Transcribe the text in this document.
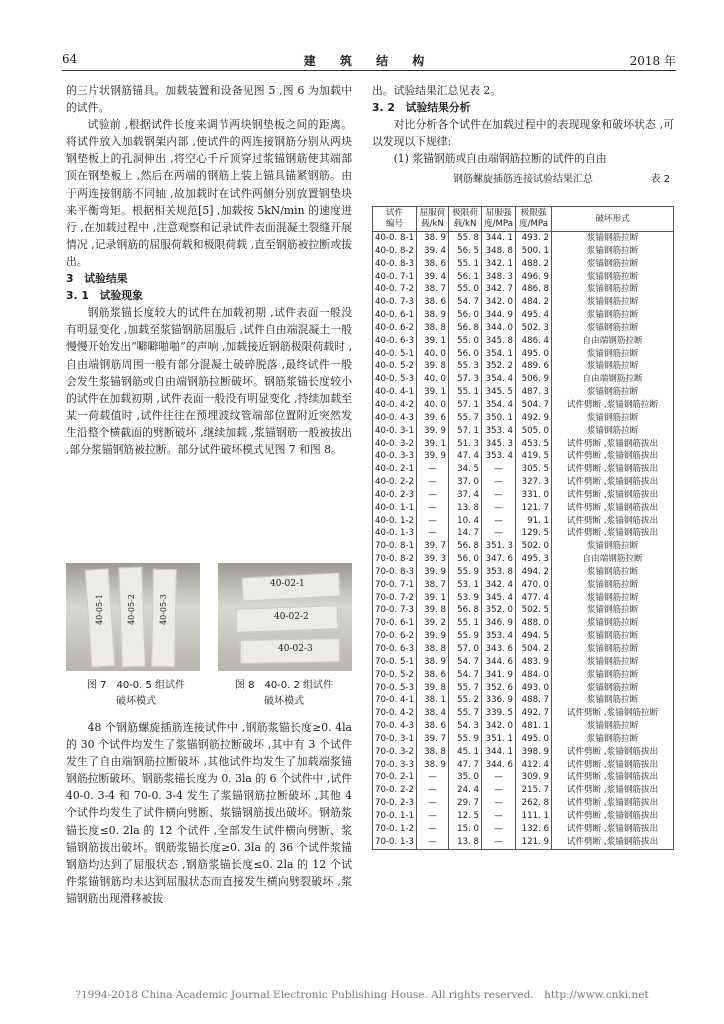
64	建 筑 结 构	2018 年

的三片状钢筋锚具。加载装置和设备见图 5 ,图 6 为加载中的试件。

试验前 ,根据试件长度来调节两块钢垫板之间的距离。将试件放入加载钢架内部 ,使试件的两连接钢筋分别从两块钢垫板上的孔洞伸出 ,将空心千斤顶穿过浆锚钢筋使其端部顶在钢垫板上 ,然后在两端的钢筋上装上锚具锚紧钢筋。由于两连接钢筋不同轴 ,故加载时在试件两侧分别放置钢垫块来平衡弯矩。根据相关规范[5] ,加载按 5kN/min 的速度进行 ,在加载过程中 ,注意观察和记录试件表面混凝土裂缝开展情况 ,记录钢筋的屈服荷载和极限荷载 ,直至钢筋被拉断或拔出。

3　试验结果

3. 1　试验现象

钢筋浆锚长度较大的试件在加载初期 ,试件表面一般没有明显变化 ,加载至浆锚钢筋屈服后 ,试件自由端混凝土一般慢慢开始发出“噼噼啪啪”的声响 ,加载接近钢筋极限荷载时 ,自由端钢筋周围一般有部分混凝土破碎脱落 ,最终试件一般会发生浆锚钢筋或自由端钢筋拉断破坏。钢筋浆锚长度较小的试件在加载初期 ,试件表面一般没有明显变化 ,持续加载至某一荷载值时 ,试件往往在预埋波纹管端部位置附近突然发生沿整个横截面的劈断破坏 ,继续加载 ,浆锚钢筋一般被拔出 ,部分浆锚钢筋被拉断。部分试件破坏模式见图 7 和图 8。

40-05-1	40-05-2	40-05-3
40-02-1
40-02-2
40-02-3
图 7　40-0. 5 组试件
破坏模式
图 8　40-0. 2 组试件
破坏模式

48 个钢筋螺旋插筋连接试件中 ,钢筋浆锚长度≥0. 4la 的 30 个试件均发生了浆锚钢筋拉断破坏 ,其中有 3 个试件发生了自由端钢筋拉断破坏 ,其他试件均发生了加载端浆锚钢筋拉断破坏。钢筋浆锚长度为 0. 3la 的 6 个试件中 ,试件 40-0. 3-4 和 70-0. 3-4 发生了浆锚钢筋拉断破坏 ,其他 4 个试件均发生了试件横向劈断、浆锚钢筋拔出破坏。钢筋浆锚长度≤0. 2la 的 12 个试件 ,全部发生试件横向劈断、浆锚钢筋拔出破坏。钢筋浆锚长度≥0. 3la 的 36 个试件浆锚钢筋均达到了屈服状态 ,钢筋浆锚长度≤0. 2la 的 12 个试件浆锚钢筋均未达到屈服状态而直接发生横向劈裂破坏 ,浆锚钢筋出现滑移被拔

出。试验结果汇总见表 2。

3. 2　试验结果分析

对比分析各个试件在加载过程中的表现现象和破坏状态 ,可以发现以下规律:

(1) 浆锚钢筋或自由端钢筋拉断的试件的自由

钢筋螺旋插筋连接试验结果汇总	表 2
试件
编号	屈服荷
载/kN	极限荷
载/kN	屈服强
度/MPa	极限强
度/MPa	破坏形式
40-0. 8-1	38. 9	55. 8	344. 1	493. 2	浆锚钢筋拉断
40-0. 8-2	39. 4	56. 5	348. 8	500. 1	浆锚钢筋拉断
40-0. 8-3	38. 6	55. 1	342. 1	488. 2	浆锚钢筋拉断
40-0. 7-1	39. 4	56. 1	348. 3	496. 9	浆锚钢筋拉断
40-0. 7-2	38. 7	55. 0	342. 7	486. 8	浆锚钢筋拉断
40-0. 7-3	38. 6	54. 7	342. 0	484. 2	浆锚钢筋拉断
40-0. 6-1	38. 9	56. 0	344. 9	495. 4	浆锚钢筋拉断
40-0. 6-2	38. 8	56. 8	344. 0	502. 3	浆锚钢筋拉断
40-0. 6-3	39. 1	55. 0	345. 8	486. 4	自由端钢筋拉断
40-0. 5-1	40. 0	56. 0	354. 1	495. 0	浆锚钢筋拉断
40-0. 5-2	39. 8	55. 3	352. 2	489. 6	浆锚钢筋拉断
40-0. 5-3	40. 0	57. 3	354. 4	506. 9	自由端钢筋拉断
40-0. 4-1	39. 1	55. 1	345. 5	487. 3	浆锚钢筋拉断
40-0. 4-2	40. 0	57. 1	354. 4	504. 7	试件劈断 ,浆锚钢筋拉断
40-0. 4-3	39. 6	55. 7	350. 1	492. 9	浆锚钢筋拉断
40-0. 3-1	39. 9	57. 1	353. 4	505. 0	浆锚钢筋拉断
40-0. 3-2	39. 1	51. 3	345. 3	453. 5	试件劈断 ,浆锚钢筋拔出
40-0. 3-3	39. 9	47. 4	353. 4	419. 5	试件劈断 ,浆锚钢筋拔出
40-0. 2-1	—	34. 5	—	305. 5	试件劈断 ,浆锚钢筋拔出
40-0. 2-2	—	37. 0	—	327. 3	试件劈断 ,浆锚钢筋拔出
40-0. 2-3	—	37. 4	—	331. 0	试件劈断 ,浆锚钢筋拔出
40-0. 1-1	—	13. 8	—	121. 7	试件劈断 ,浆锚钢筋拔出
40-0. 1-2	—	10. 4	—	91. 1	试件劈断 ,浆锚钢筋拔出
40-0. 1-3	—	14. 7	—	129. 5	试件劈断 ,浆锚钢筋拔出
70-0. 8-1	39. 7	56. 8	351. 3	502. 0	浆锚钢筋拉断
70-0. 8-2	39. 3	56. 0	347. 6	495. 3	自由端钢筋拉断
70-0. 8-3	39. 9	55. 9	353. 8	494. 2	浆锚钢筋拉断
70-0. 7-1	38. 7	53. 1	342. 4	470. 0	浆锚钢筋拉断
70-0. 7-2	39. 1	53. 9	345. 4	477. 4	浆锚钢筋拉断
70-0. 7-3	39. 8	56. 8	352. 0	502. 5	浆锚钢筋拉断
70-0. 6-1	39. 2	55. 1	346. 9	488. 0	浆锚钢筋拉断
70-0. 6-2	39. 9	55. 9	353. 4	494. 5	浆锚钢筋拉断
70-0. 6-3	38. 8	57. 0	343. 6	504. 2	浆锚钢筋拉断
70-0. 5-1	38. 9	54. 7	344. 6	483. 9	浆锚钢筋拉断
70-0. 5-2	38. 6	54. 7	341. 9	484. 0	浆锚钢筋拉断
70-0. 5-3	39. 8	55. 7	352. 6	493. 0	浆锚钢筋拉断
70-0. 4-1	38. 1	55. 2	336. 9	488. 7	浆锚钢筋拉断
70-0. 4-2	38. 4	55. 7	339. 5	492. 7	试件劈断 ,浆锚钢筋拉断
70-0. 4-3	38. 6	54. 3	342. 0	481. 1	浆锚钢筋拉断
70-0. 3-1	39. 7	55. 9	351. 1	495. 0	浆锚钢筋拉断
70-0. 3-2	38. 8	45. 1	344. 1	398. 9	试件劈断 ,浆锚钢筋拔出
70-0. 3-3	38. 9	47. 7	344. 6	412. 4	试件劈断 ,浆锚钢筋拔出
70-0. 2-1	—	35. 0	—	309. 9	试件劈断 ,浆锚钢筋拔出
70-0. 2-2	—	24. 4	—	215. 7	试件劈断 ,浆锚钢筋拔出
70-0. 2-3	—	29. 7	—	262. 8	试件劈断 ,浆锚钢筋拔出
70-0. 1-1	—	12. 5	—	111. 1	试件劈断 ,浆锚钢筋拔出
70-0. 1-2	—	15. 0	—	132. 6	试件劈断 ,浆锚钢筋拔出
70-0. 1-3	—	13. 8	—	121. 9	试件劈断 ,浆锚钢筋拔出
?1994-2018 China Academic Journal Electronic Publishing House. All rights reserved.　http://www.cnki.net
